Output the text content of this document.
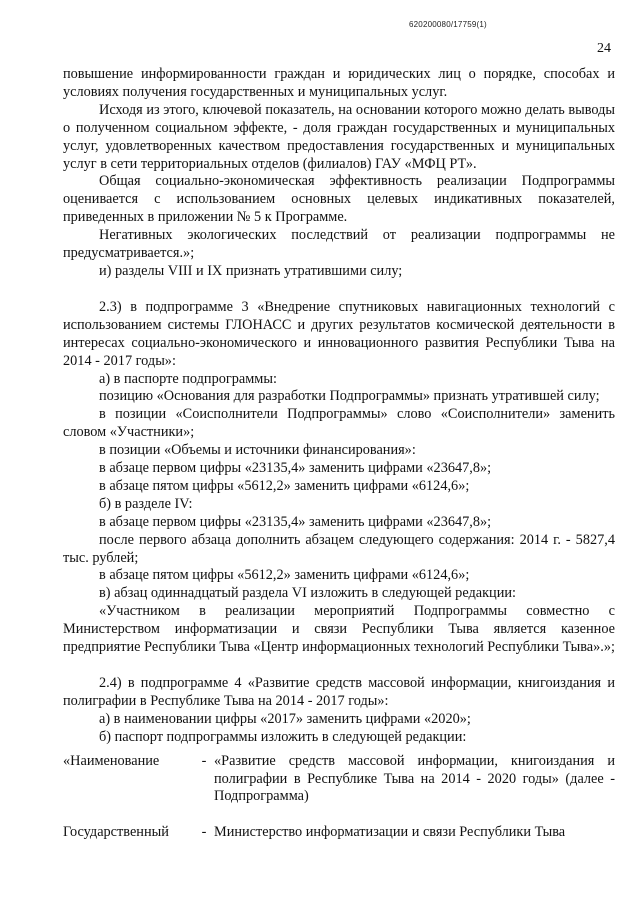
620200080/17759(1)
24

повышение информированности граждан и юридических лиц о порядке, способах и условиях получения государственных и муниципальных услуг.

Исходя из этого, ключевой показатель, на основании которого можно делать выводы о полученном социальном эффекте, - доля граждан государственных и муниципальных услуг, удовлетворенных качеством предоставления государственных и муниципальных услуг в сети территориальных отделов (филиалов) ГАУ «МФЦ РТ».

Общая социально-экономическая эффективность реализации Подпрограммы оценивается с использованием основных целевых индикативных показателей, приведенных в приложении № 5 к Программе.

Негативных экологических последствий от реализации подпрограммы не предусматривается.»;

и) разделы VIII и IX признать утратившими силу;

2.3) в подпрограмме 3 «Внедрение спутниковых навигационных технологий с использованием системы ГЛОНАСС и других результатов космической деятельности в интересах социально-экономического и инновационного развития Республики Тыва на 2014 - 2017 годы»:

а) в паспорте подпрограммы:

позицию «Основания для разработки Подпрограммы» признать утратившей силу;

в позиции «Соисполнители Подпрограммы» слово «Соисполнители» заменить словом «Участники»;

в позиции «Объемы и источники финансирования»:

в абзаце первом цифры «23135,4» заменить цифрами «23647,8»;

в абзаце пятом цифры «5612,2» заменить цифрами «6124,6»;

б) в разделе IV:

в абзаце первом цифры «23135,4» заменить цифрами «23647,8»;

после первого абзаца дополнить абзацем следующего содержания: 2014 г. - 5827,4 тыс. рублей;

в абзаце пятом цифры «5612,2» заменить цифрами «6124,6»;

в) абзац одиннадцатый раздела VI изложить в следующей редакции:

«Участником в реализации мероприятий Подпрограммы совместно с Министерством информатизации и связи Республики Тыва является казенное предприятие Республики Тыва «Центр информационных технологий Республики Тыва».»;

2.4) в подпрограмме 4 «Развитие средств массовой информации, книгоиздания и полиграфии в Республике Тыва на 2014 - 2017 годы»:

а) в наименовании цифры «2017» заменить цифрами «2020»;

б) паспорт подпрограммы изложить в следующей редакции:

«Наименование	- «Развитие средств массовой информации, книгоиздания и полиграфии в Республике Тыва на 2014 - 2020 годы» (далее - Подпрограмма)
Государственный	- Министерство информатизации и связи Республики Тыва
